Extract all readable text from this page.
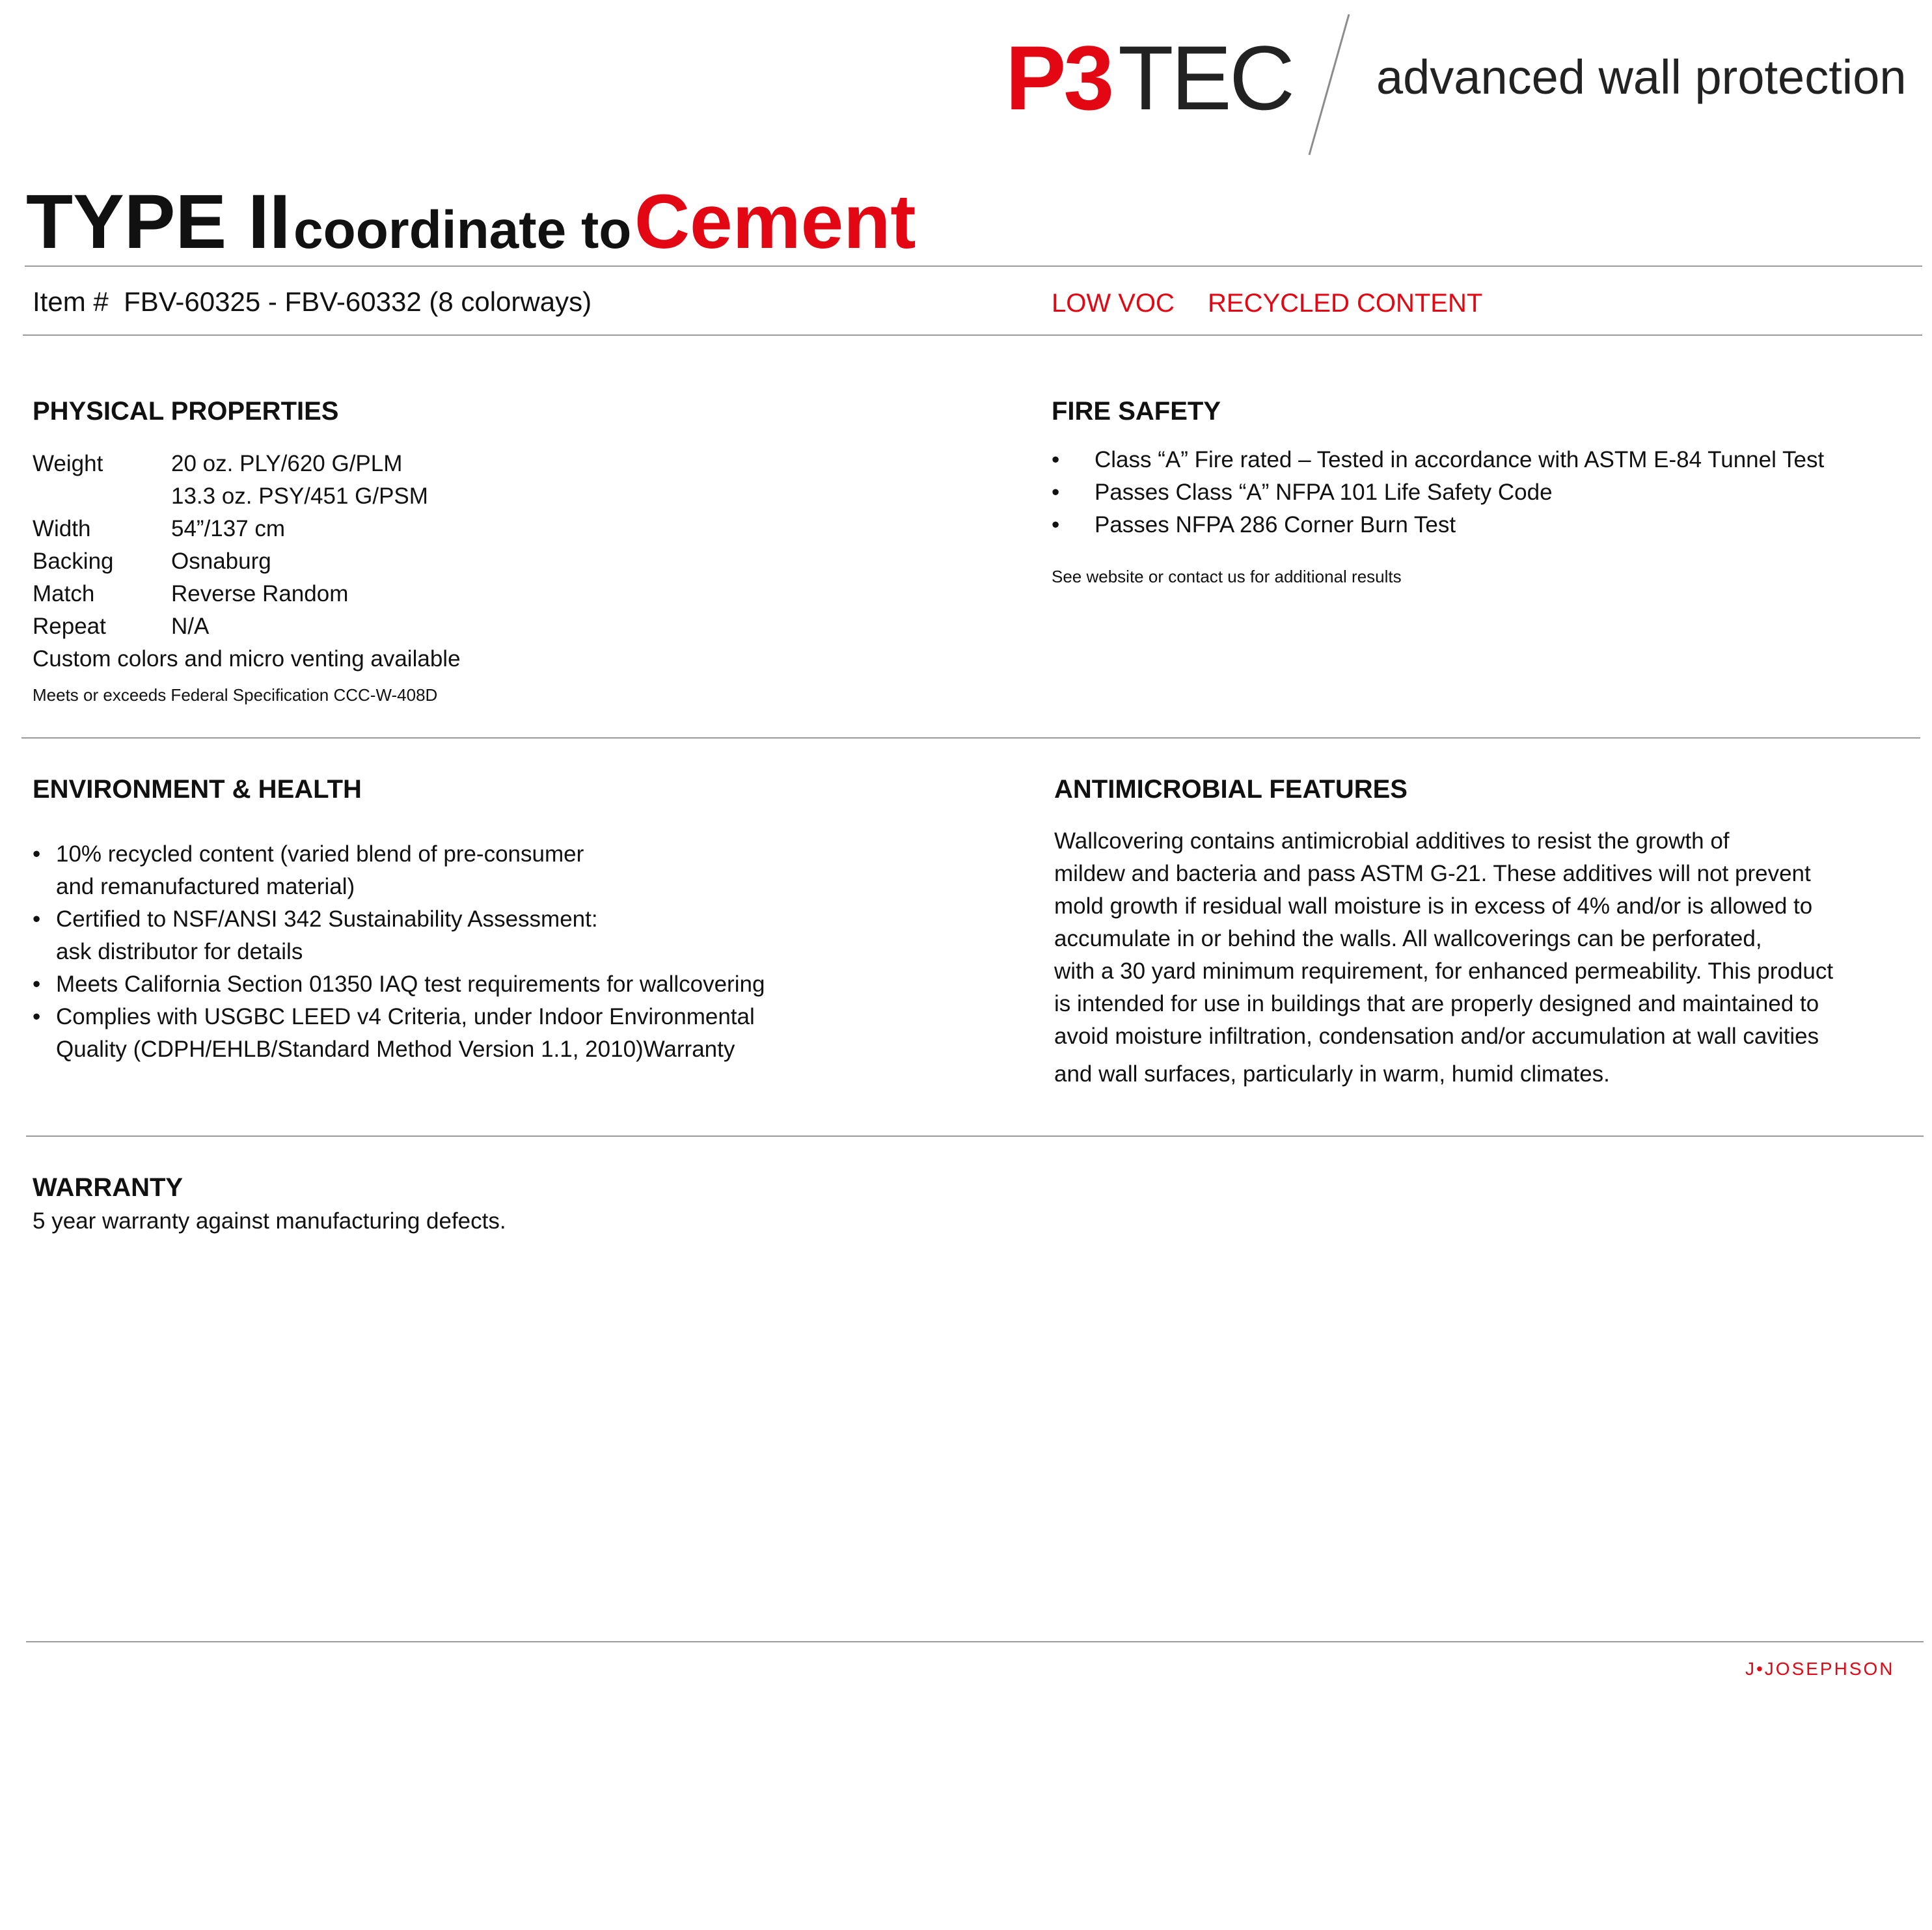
P3 TEC advanced wall protection
TYPE II coordinate to Cement
Item # FBV-60325 - FBV-60332 (8 colorways)	LOW VOC RECYCLED CONTENT
PHYSICAL PROPERTIES
Weight	20 oz. PLY/620 G/PLM
13.3 oz. PSY/451 G/PSM
Width	54”/137 cm
Backing	Osnaburg
Match	Reverse Random
Repeat	N/A
Custom colors and micro venting available
Meets or exceeds Federal Specification CCC-W-408D
FIRE SAFETY
• Class “A” Fire rated – Tested in accordance with ASTM E-84 Tunnel Test
• Passes Class “A” NFPA 101 Life Safety Code
• Passes NFPA 286 Corner Burn Test
See website or contact us for additional results
ENVIRONMENT & HEALTH
• 10% recycled content (varied blend of pre-consumer
and remanufactured material)
• Certified to NSF/ANSI 342 Sustainability Assessment:
ask distributor for details
• Meets California Section 01350 IAQ test requirements for wallcovering
• Complies with USGBC LEED v4 Criteria, under Indoor Environmental
Quality (CDPH/EHLB/Standard Method Version 1.1, 2010)Warranty
ANTIMICROBIAL FEATURES
Wallcovering contains antimicrobial additives to resist the growth of
mildew and bacteria and pass ASTM G-21. These additives will not prevent
mold growth if residual wall moisture is in excess of 4% and/or is allowed to
accumulate in or behind the walls. All wallcoverings can be perforated,
with a 30 yard minimum requirement, for enhanced permeability. This product
is intended for use in buildings that are properly designed and maintained to
avoid moisture infiltration, condensation and/or accumulation at wall cavities
and wall surfaces, particularly in warm, humid climates.
WARRANTY
5 year warranty against manufacturing defects.
J•JOSEPHSON
